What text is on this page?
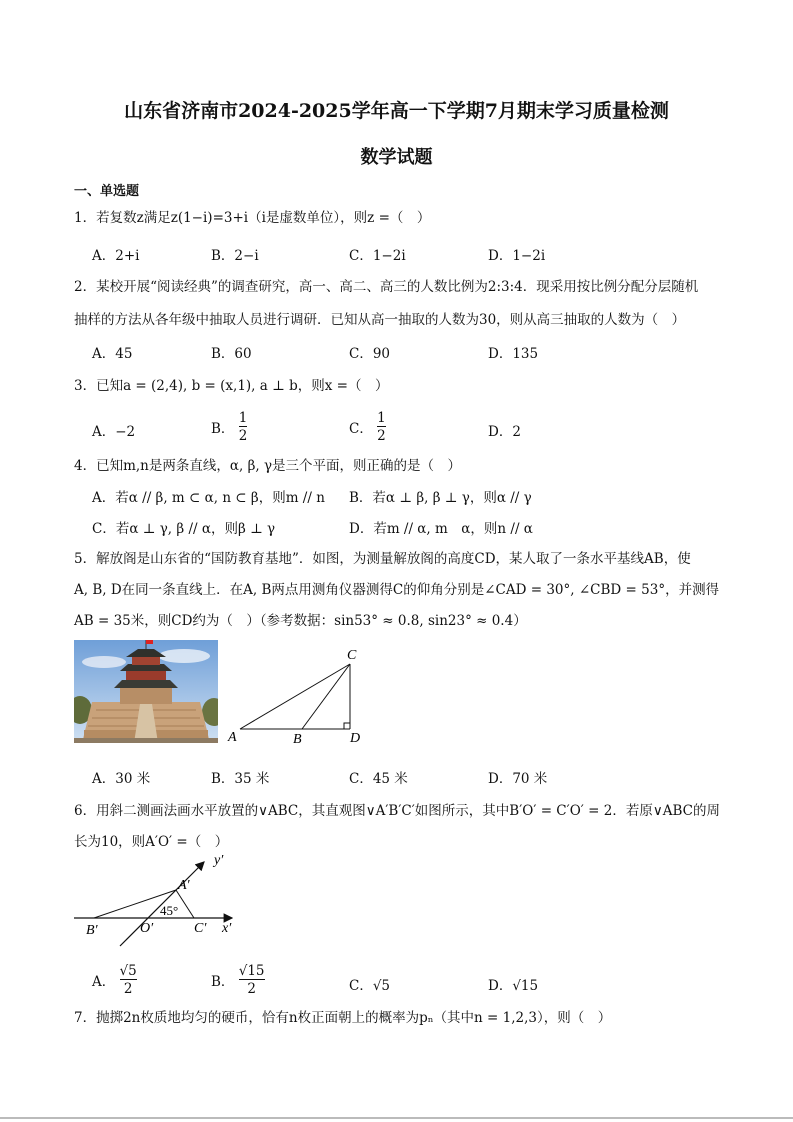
山东省济南市2024-2025学年高一下学期7月期末学习质量检测
数学试题
一、单选题
1．若复数z满足z(1−i)=3+i（i是虚数单位），则z =（　）
A．2+i	B．2−i	C．1−2i	D．1−2i
2．某校开展“阅读经典”的调查研究，高一、高二、高三的人数比例为2:3:4．现采用按比例分配分层随机
抽样的方法从各年级中抽取人员进行调研．已知从高一抽取的人数为30，则从高三抽取的人数为（　）
A．45	B．60	C．90	D．135
3．已知a = (2,4), b = (x,1), a ⊥ b，则x =（　）
A．−2	B． $\frac{1}{2}$	C． $\frac{1}{2}$	D．2
4．已知m,n是两条直线，α, β, γ是三个平面，则正确的是（　）
A．若α // β, m ⊂ α, n ⊂ β，则m // n B．若α ⊥ β, β ⊥ γ，则α // γ
C．若α ⊥ γ, β // α，则β ⊥ γ	D．若m // α, m　α，则n // α
5．解放阁是山东省的“国防教育基地”．如图，为测量解放阁的高度CD，某人取了一条水平基线AB，使
A, B, D在同一条直线上．在A, B两点用测角仪器测得C的仰角分别是∠CAD = 30°, ∠CBD = 53°，并测得
AB = 35米，则CD约为（　）（参考数据：sin53° ≈ 0.8, sin23° ≈ 0.4）
C
A	B	D
A．30 米	B．35 米	C．45 米	D．70 米
6．用斜二测画法画水平放置的∨ABC，其直观图∨A′B′C′如图所示，其中B′O′ = C′O′ = 2．若原∨ABC的周
长为10，则A′O′ =（　）
y′
A′
45°
B′	O′	C′ x′
A． $\frac{√5}{2}$	B． $\frac{√15}{2}$	C．√5	D．√15
7．抛掷2n枚质地均匀的硬币，恰有n枚正面朝上的概率为pₙ（其中n = 1,2,3），则（　）
